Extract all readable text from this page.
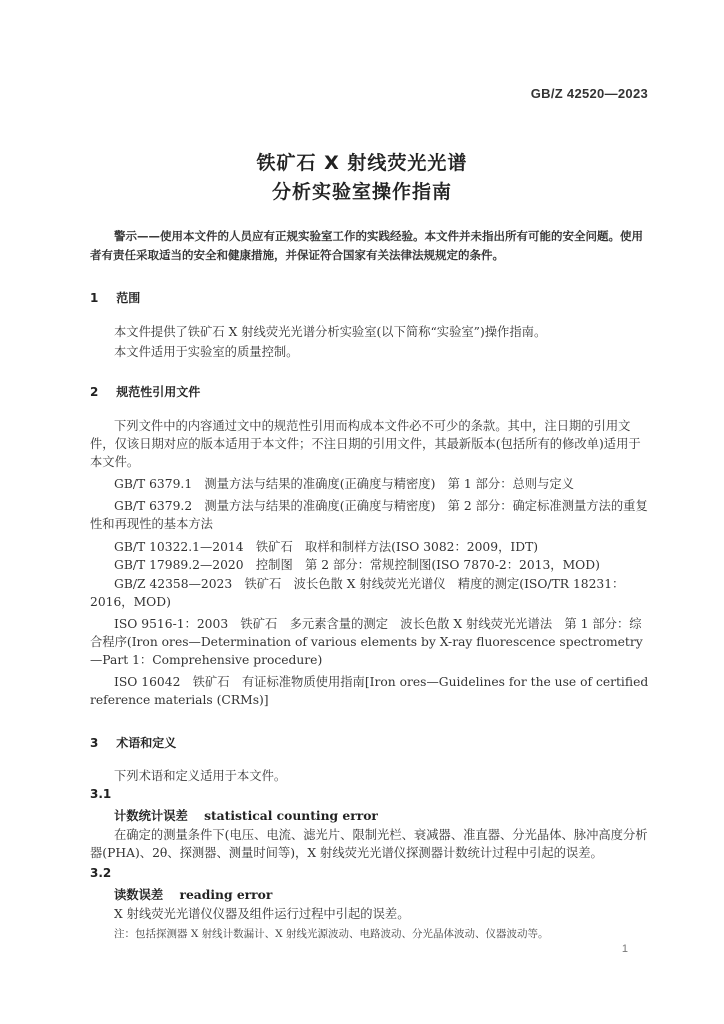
GB/Z 42520—2023
铁矿石 X 射线荧光光谱
分析实验室操作指南

警示——使用本文件的人员应有正规实验室工作的实践经验。本文件并未指出所有可能的安全问题。使用者有责任采取适当的安全和健康措施，并保证符合国家有关法律法规规定的条件。

1 范围

本文件提供了铁矿石 X 射线荧光光谱分析实验室(以下简称“实验室”)操作指南。

本文件适用于实验室的质量控制。

2 规范性引用文件

下列文件中的内容通过文中的规范性引用而构成本文件必不可少的条款。其中，注日期的引用文件，仅该日期对应的版本适用于本文件；不注日期的引用文件，其最新版本(包括所有的修改单)适用于本文件。

GB/T 6379.1　测量方法与结果的准确度(正确度与精密度)　第 1 部分：总则与定义

GB/T 6379.2　测量方法与结果的准确度(正确度与精密度)　第 2 部分：确定标准测量方法的重复性和再现性的基本方法

GB/T 10322.1—2014　铁矿石　取样和制样方法(ISO 3082：2009，IDT)

GB/T 17989.2—2020　控制图　第 2 部分：常规控制图(ISO 7870-2：2013，MOD)

GB/Z 42358—2023　铁矿石　波长色散 X 射线荧光光谱仪　精度的测定(ISO/TR 18231：2016，MOD)

ISO 9516-1：2003　铁矿石　多元素含量的测定　波长色散 X 射线荧光光谱法　第 1 部分：综合程序(Iron ores—Determination of various elements by X-ray fluorescence spectrometry—Part 1：Comprehensive procedure)

ISO 16042　铁矿石　有证标准物质使用指南[Iron ores—Guidelines for the use of certified reference materials (CRMs)]

3 术语和定义

下列术语和定义适用于本文件。

3.1
计数统计误差 statistical counting error

在确定的测量条件下(电压、电流、滤光片、限制光栏、衰减器、准直器、分光晶体、脉冲高度分析器(PHA)、2θ、探测器、测量时间等)，X 射线荧光光谱仪探测器计数统计过程中引起的误差。

3.2
读数误差 reading error

X 射线荧光光谱仪仪器及组件运行过程中引起的误差。

注：包括探测器 X 射线计数漏计、X 射线光源波动、电路波动、分光晶体波动、仪器波动等。
1
